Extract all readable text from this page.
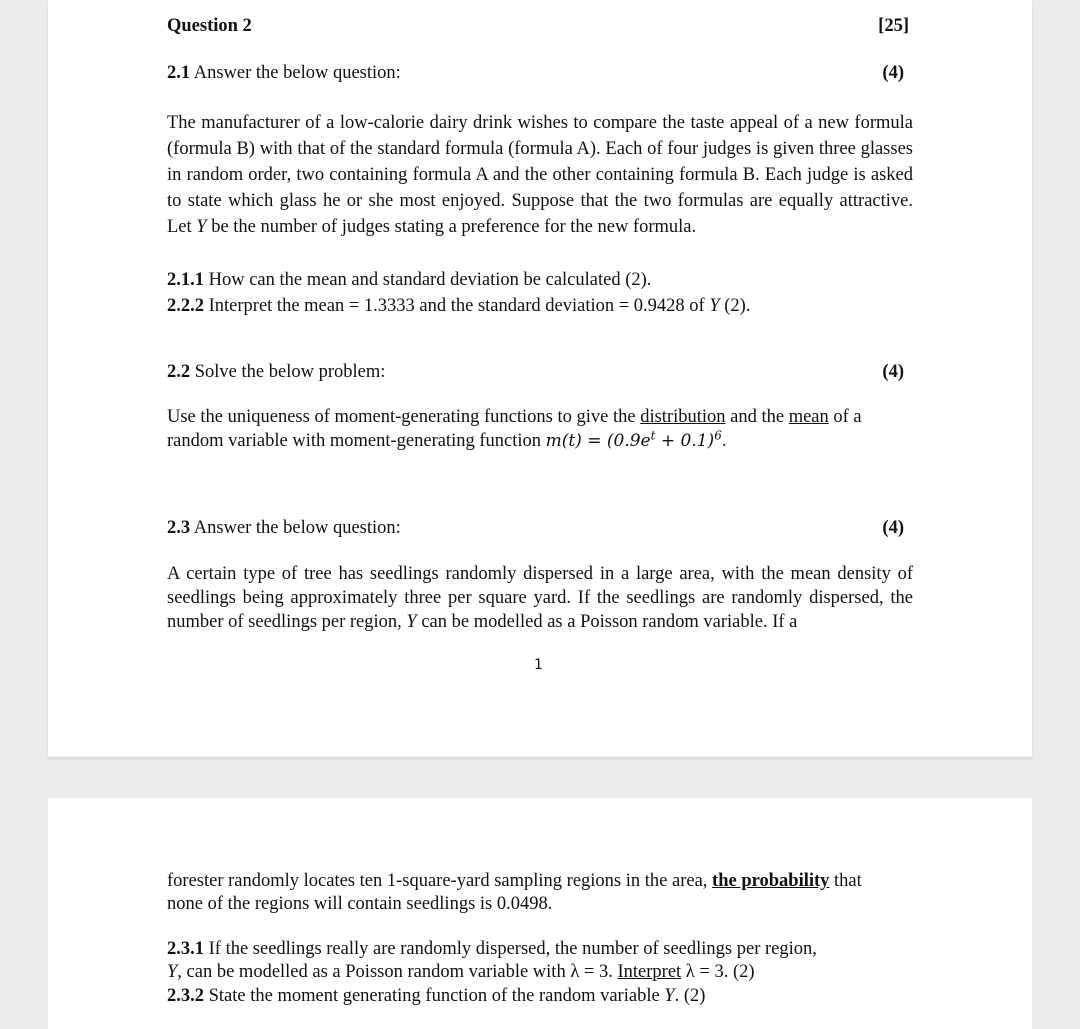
Question 2	[25]
2.1 Answer the below question:	(4)
The manufacturer of a low-calorie dairy drink wishes to compare the taste appeal of a new formula (formula B) with that of the standard formula (formula A). Each of four judges is given three glasses in random order, two containing formula A and the other containing formula B. Each judge is asked to state which glass he or she most enjoyed. Suppose that the two formulas are equally attractive. Let Y be the number of judges stating a preference for the new formula.
2.1.1 How can the mean and standard deviation be calculated (2).
2.2.2 Interpret the mean = 1.3333 and the standard deviation = 0.9428 of Y (2).
2.2 Solve the below problem:	(4)
Use the uniqueness of moment-generating functions to give the distribution and the mean of a
random variable with moment-generating function $m(t) = (0.9e^t + 0.1)^6$.
2.3 Answer the below question:	(4)
A certain type of tree has seedlings randomly dispersed in a large area, with the mean density of seedlings being approximately three per square yard. If the seedlings are randomly dispersed, the number of seedlings per region, Y can be modelled as a Poisson random variable. If a
1
forester randomly locates ten 1-square-yard sampling regions in the area, the probability that
none of the regions will contain seedlings is 0.0498.
2.3.1 If the seedlings really are randomly dispersed, the number of seedlings per region,
Y, can be modelled as a Poisson random variable with λ = 3. Interpret λ = 3. (2)
2.3.2 State the moment generating function of the random variable Y. (2)
